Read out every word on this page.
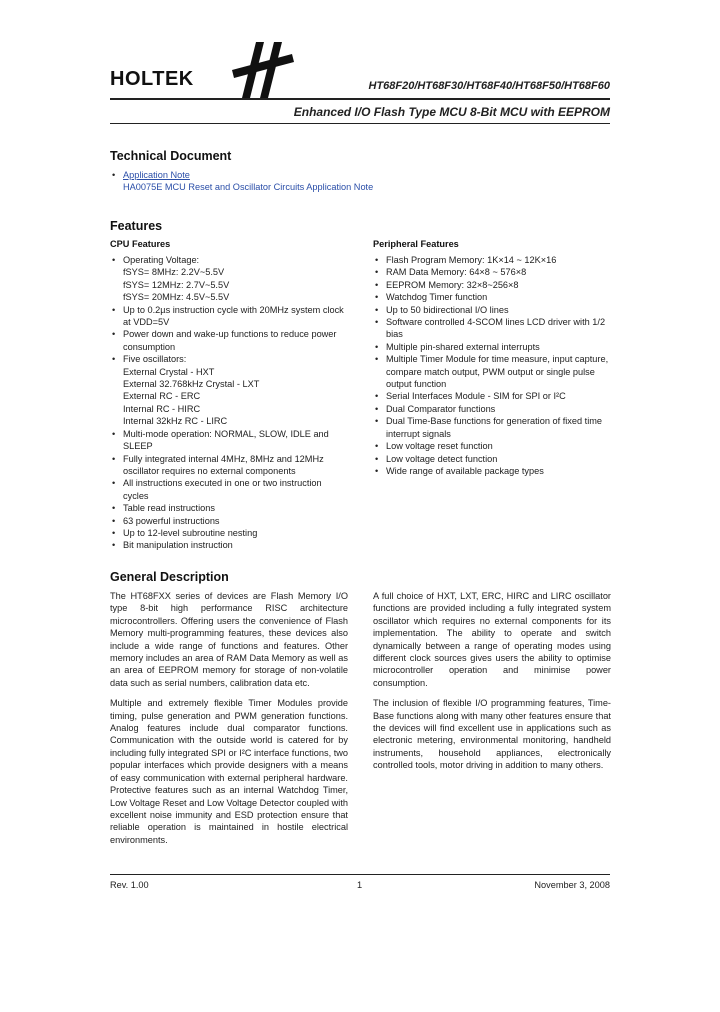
HOLTEK	HT68F20/HT68F30/HT68F40/HT68F50/HT68F60
Enhanced I/O Flash Type MCU 8-Bit MCU with EEPROM
Technical Document
• Application Note
HA0075E MCU Reset and Oscillator Circuits Application Note
Features
CPU Features
• Operating Voltage:
fSYS= 8MHz: 2.2V~5.5V
fSYS= 12MHz: 2.7V~5.5V
fSYS= 20MHz: 4.5V~5.5V
• Up to 0.2µs instruction cycle with 20MHz system clock at VDD=5V
• Power down and wake-up functions to reduce power consumption
• Five oscillators:
External Crystal - HXT
External 32.768kHz Crystal - LXT
External RC - ERC
Internal RC - HIRC
Internal 32kHz RC - LIRC
• Multi-mode operation: NORMAL, SLOW, IDLE and SLEEP
• Fully integrated internal 4MHz, 8MHz and 12MHz oscillator requires no external components
• All instructions executed in one or two instruction cycles
• Table read instructions
• 63 powerful instructions
• Up to 12-level subroutine nesting
• Bit manipulation instruction
Peripheral Features
• Flash Program Memory: 1K×14 ~ 12K×16
• RAM Data Memory: 64×8 ~ 576×8
• EEPROM Memory: 32×8~256×8
• Watchdog Timer function
• Up to 50 bidirectional I/O lines
• Software controlled 4-SCOM lines LCD driver with 1/2 bias
• Multiple pin-shared external interrupts
• Multiple Timer Module for time measure, input capture, compare match output, PWM output or single pulse output function
• Serial Interfaces Module - SIM for SPI or I²C
• Dual Comparator functions
• Dual Time-Base functions for generation of fixed time interrupt signals
• Low voltage reset function
• Low voltage detect function
• Wide range of available package types
General Description

The HT68FXX series of devices are Flash Memory I/O type 8-bit high performance RISC architecture microcontrollers. Offering users the convenience of Flash Memory multi-programming features, these devices also include a wide range of functions and features. Other memory includes an area of RAM Data Memory as well as an area of EEPROM memory for storage of non-volatile data such as serial numbers, calibration data etc.

Multiple and extremely flexible Timer Modules provide timing, pulse generation and PWM generation functions. Analog features include dual comparator functions. Communication with the outside world is catered for by including fully integrated SPI or I²C interface functions, two popular interfaces which provide designers with a means of easy communication with external peripheral hardware. Protective features such as an internal Watchdog Timer, Low Voltage Reset and Low Voltage Detector coupled with excellent noise immunity and ESD protection ensure that reliable operation is maintained in hostile electrical environments.

A full choice of HXT, LXT, ERC, HIRC and LIRC oscillator functions are provided including a fully integrated system oscillator which requires no external components for its implementation. The ability to operate and switch dynamically between a range of operating modes using different clock sources gives users the ability to optimise microcontroller operation and minimise power consumption.

The inclusion of flexible I/O programming features, Time-Base functions along with many other features ensure that the devices will find excellent use in applications such as electronic metering, environmental monitoring, handheld instruments, household appliances, electronically controlled tools, motor driving in addition to many others.

Rev. 1.00	1	November 3, 2008
